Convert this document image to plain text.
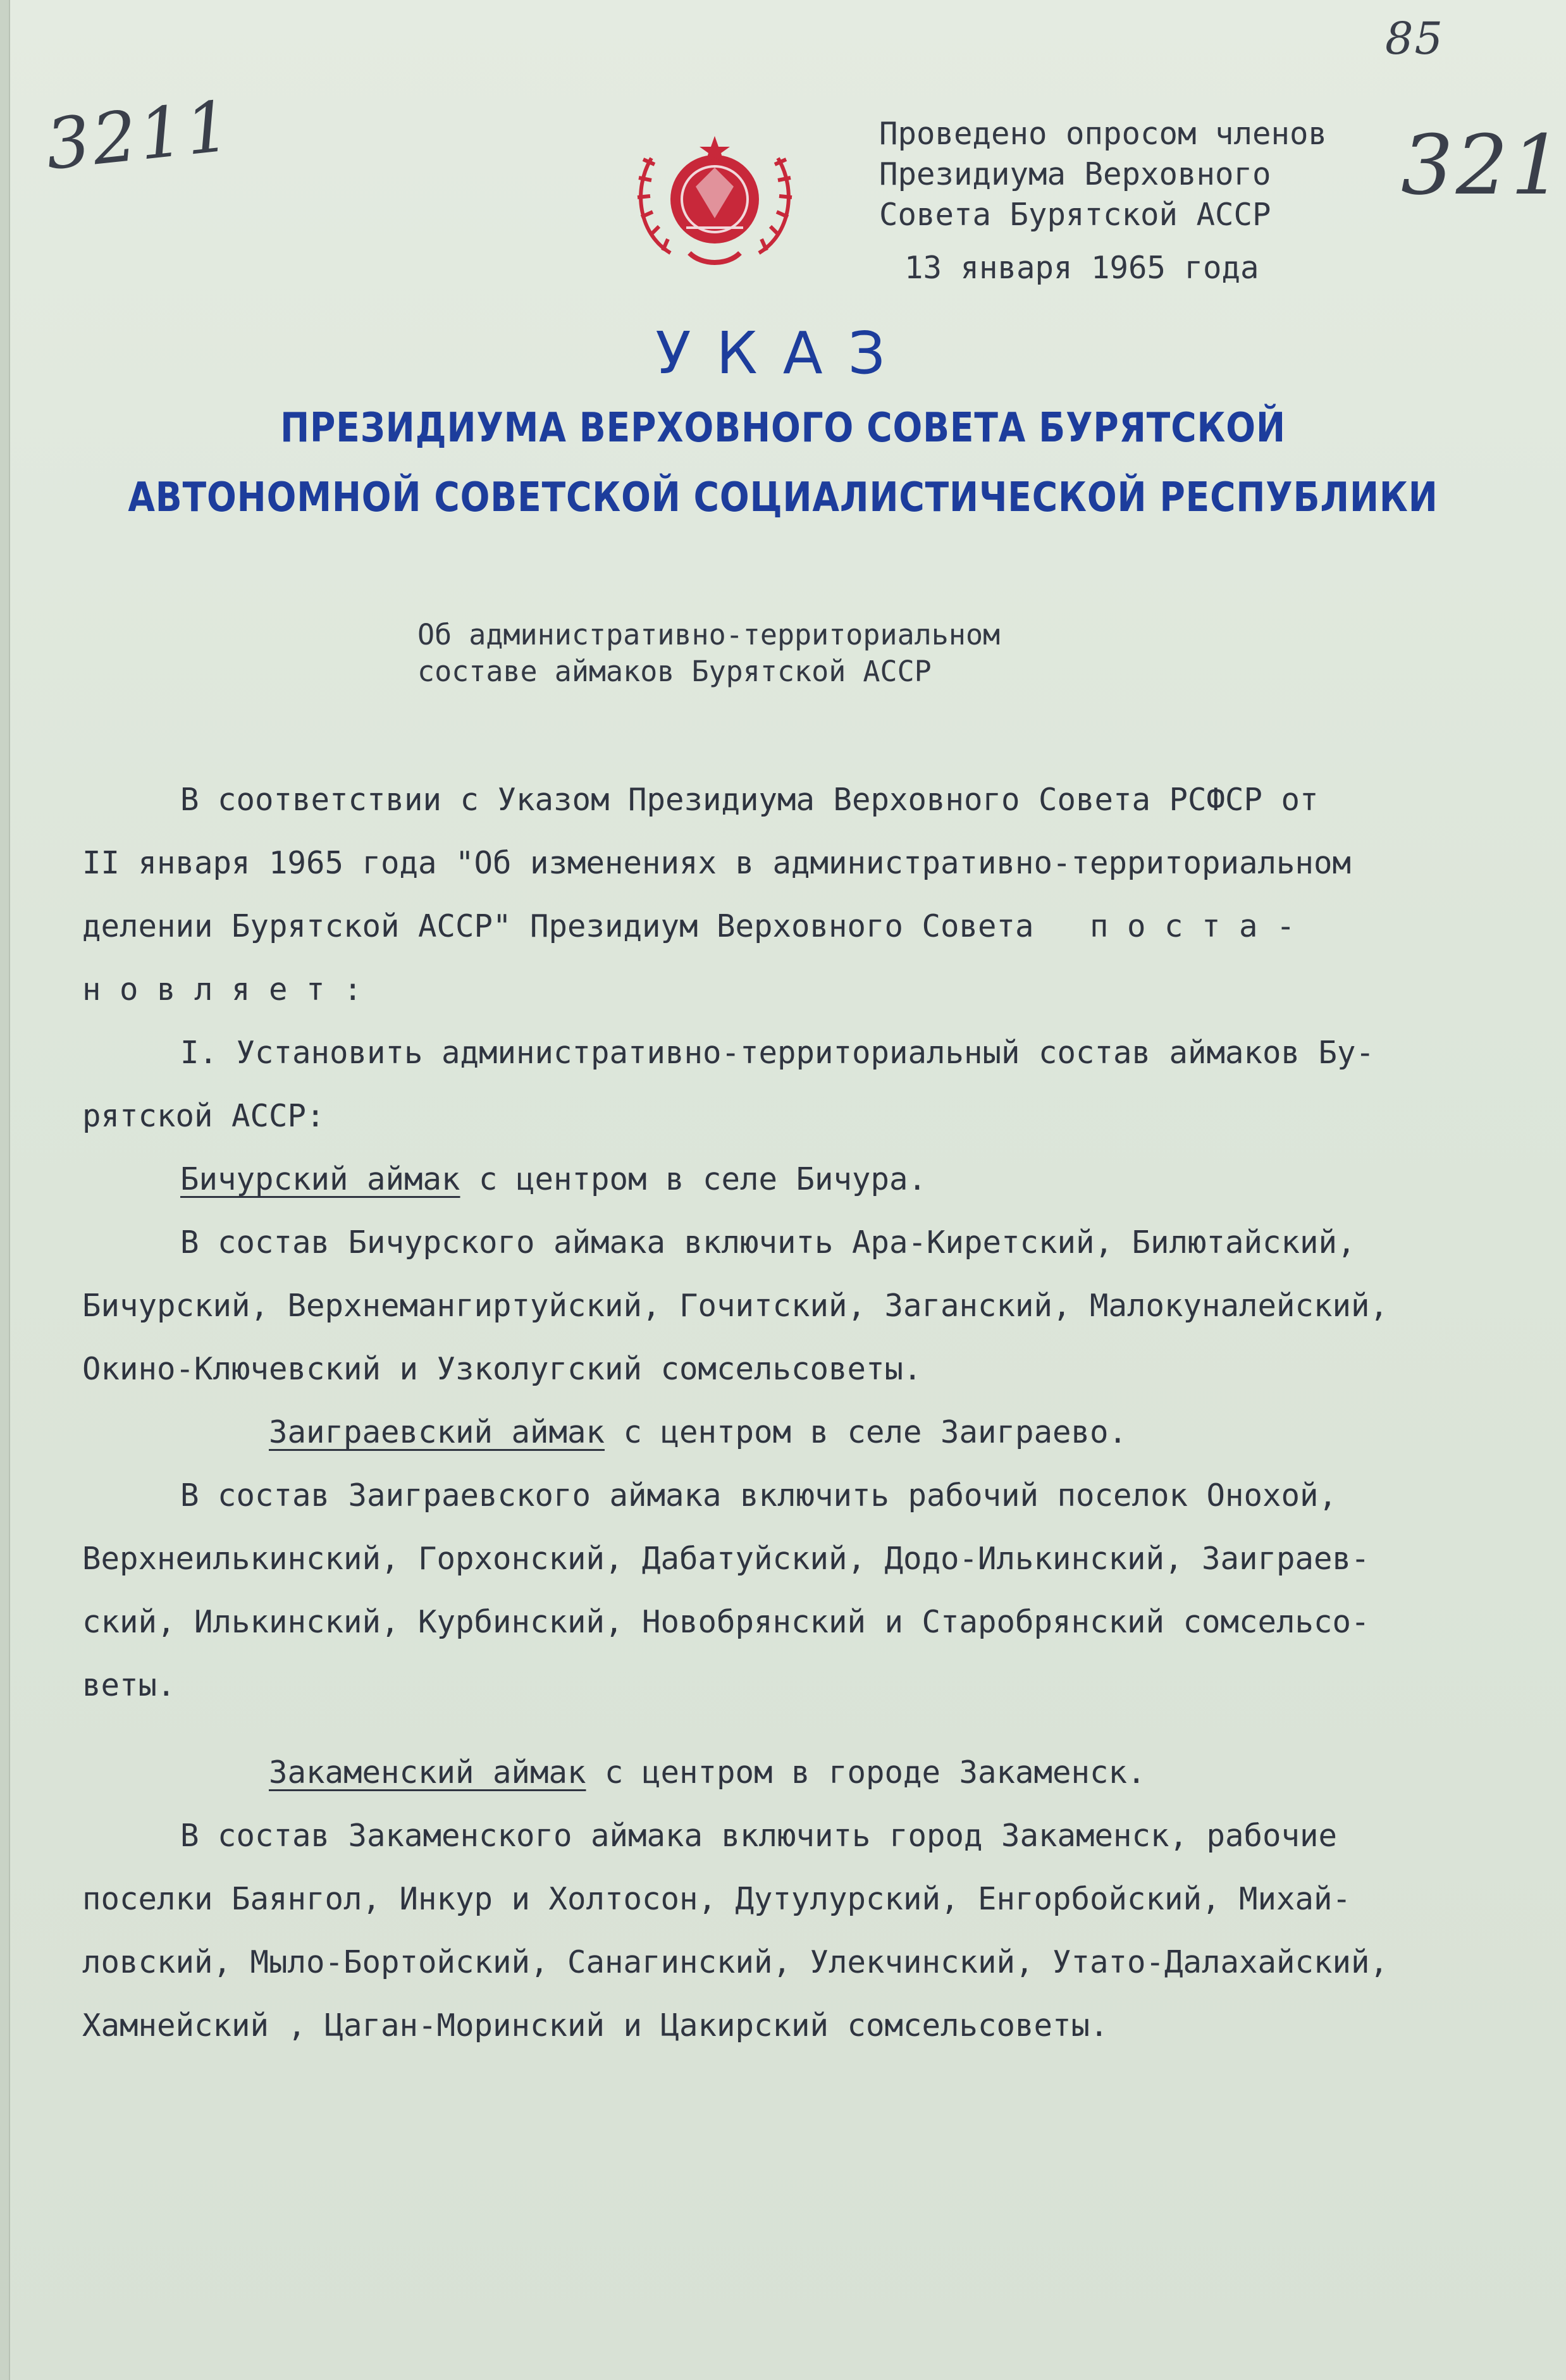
3211
85
321
Проведено опросом членов
Президиума Верховного
Совета Бурятской АССР

13 января 1965 года
УКАЗ
ПРЕЗИДИУМА ВЕРХОВНОГО СОВЕТА БУРЯТСКОЙ
АВТОНОМНОЙ СОВЕТСКОЙ СОЦИАЛИСТИЧЕСКОЙ РЕСПУБЛИКИ
Об административно-территориальном
составе аймаков Бурятской АССР
В соответствии с Указом Президиума Верховного Совета РСФСР от
II января 1965 года "Об изменениях в административно-территориальном
делении Бурятской АССР" Президиум Верховного Совета   п о с т а -
н о в л я е т :
I. Установить административно-территориальный состав аймаков Бу-
рятской АССР:
Бичурский аймак с центром в селе Бичура.
В состав Бичурского аймака включить Ара-Киретский, Билютайский,
Бичурский, Верхнемангиртуйский, Гочитский, Заганский, Малокуналейский,
Окино-Ключевский и Узколугский сомсельсоветы.
Заиграевский аймак с центром в селе Заиграево.
В состав Заиграевского аймака включить рабочий поселок Онохой,
Верхнеилькинский, Горхонский, Дабатуйский, Додо-Илькинский, Заиграев-
ский, Илькинский, Курбинский, Новобрянский и Старобрянский сомсельсо-
веты.
Закаменский аймак с центром в городе Закаменск.
В состав Закаменского аймака включить город Закаменск, рабочие
поселки Баянгол, Инкур и Холтосон, Дутулурский, Енгорбойский, Михай-
ловский, Мыло-Бортойский, Санагинский, Улекчинский, Утато-Далахайский,
Хамнейский , Цаган-Моринский и Цакирский сомсельсоветы.
